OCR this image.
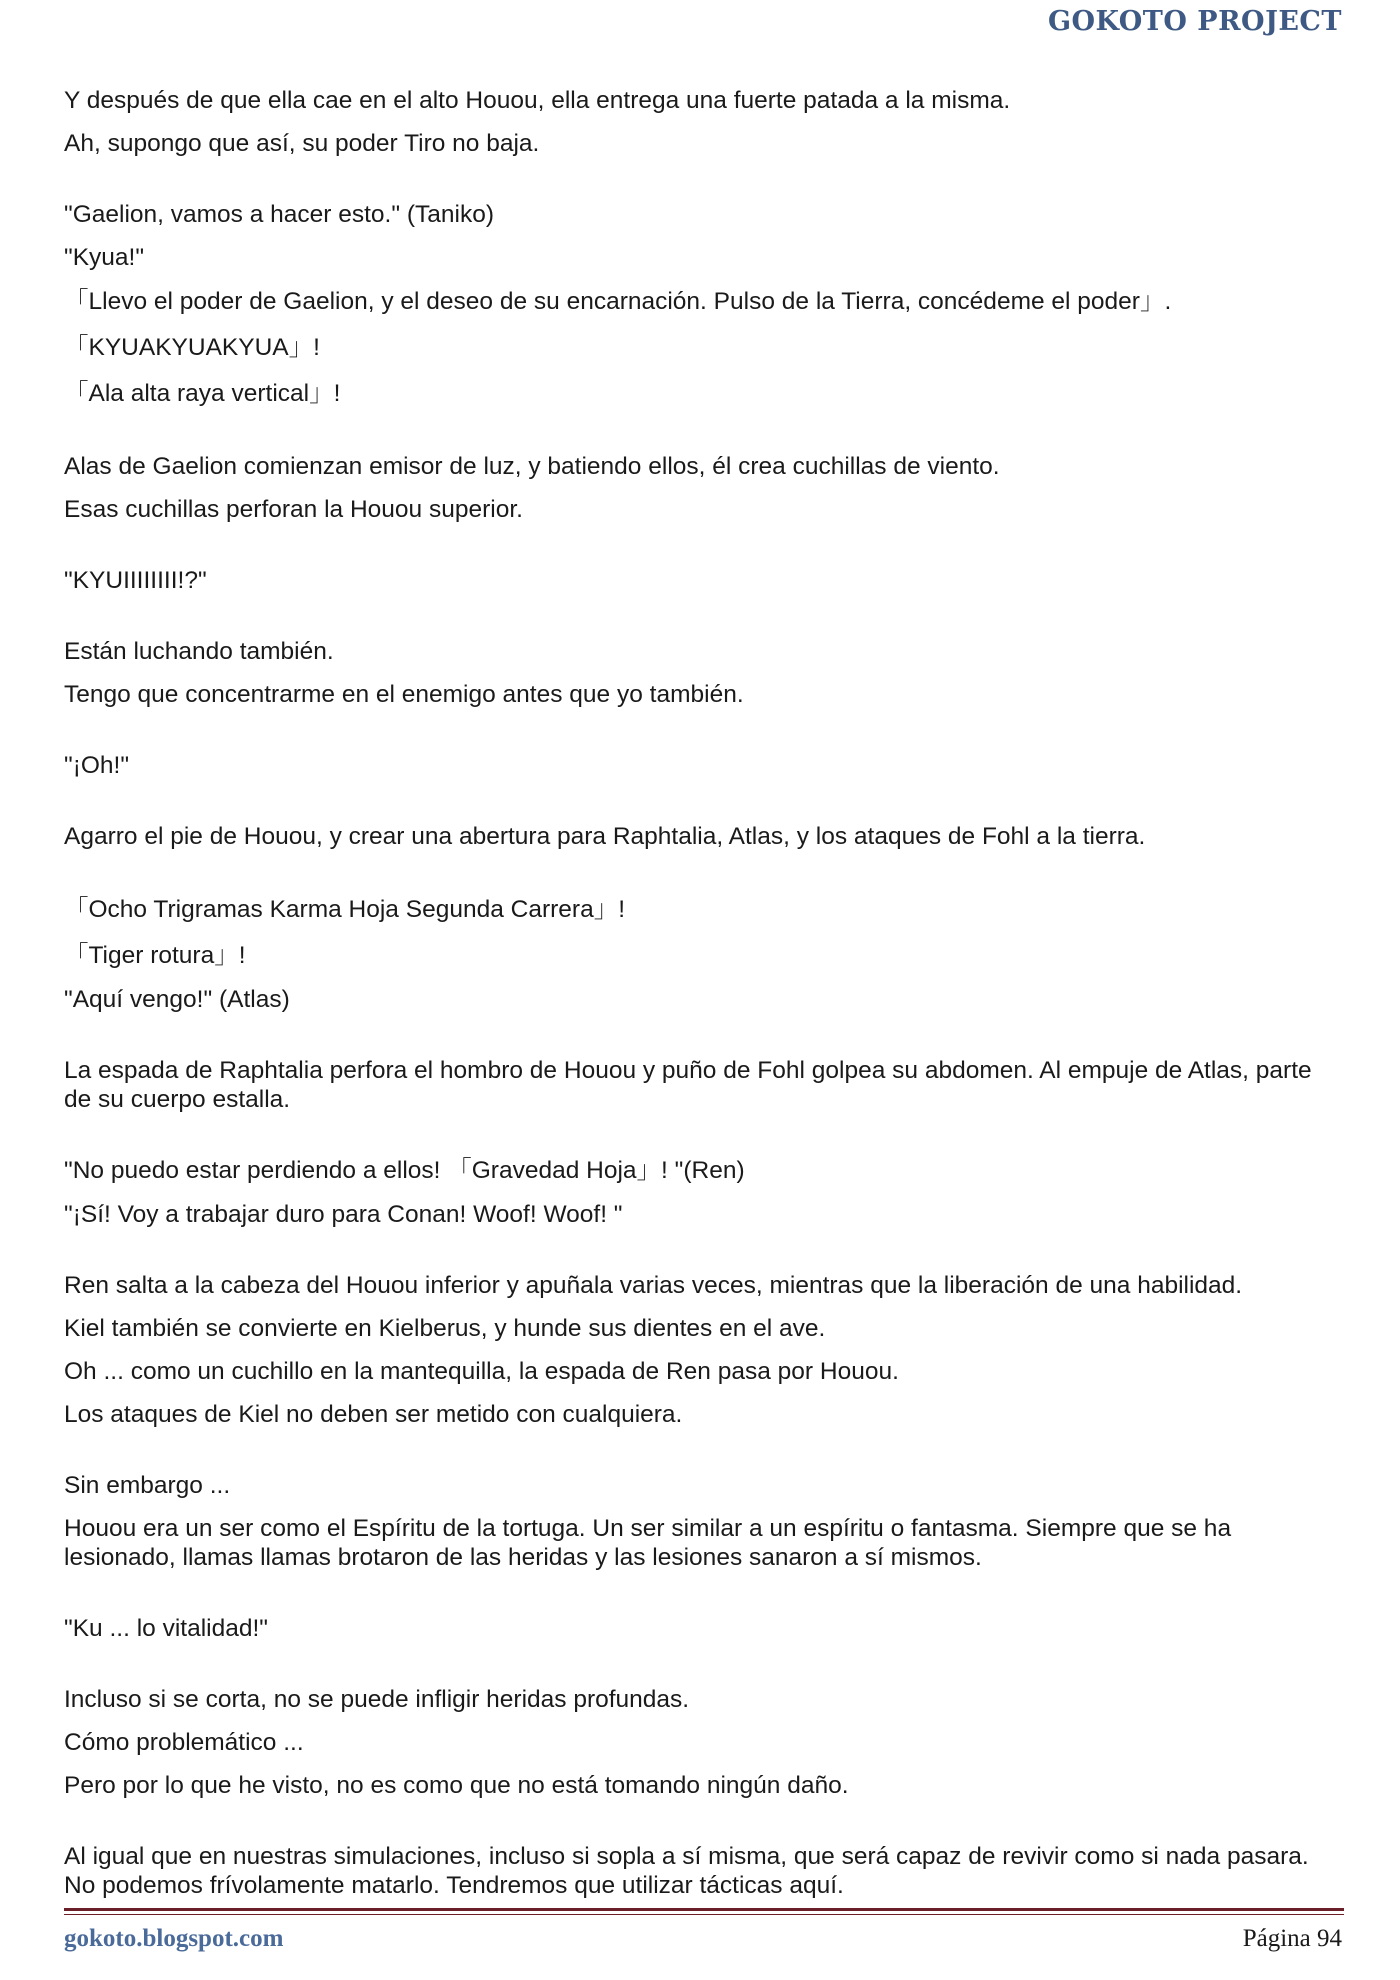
GOKOTO PROJECT

Y después de que ella cae en el alto Houou, ella entrega una fuerte patada a la misma.

Ah, supongo que así, su poder Tiro no baja.

"Gaelion, vamos a hacer esto." (Taniko)

"Kyua!"

「Llevo el poder de Gaelion, y el deseo de su encarnación. Pulso de la Tierra, concédeme el poder」.

「KYUAKYUAKYUA」!

「Ala alta raya vertical」!

Alas de Gaelion comienzan emisor de luz, y batiendo ellos, él crea cuchillas de viento.

Esas cuchillas perforan la Houou superior.

"KYUIIIIIIII!?"

Están luchando también.

Tengo que concentrarme en el enemigo antes que yo también.

"¡Oh!"

Agarro el pie de Houou, y crear una abertura para Raphtalia, Atlas, y los ataques de Fohl a la tierra.

「Ocho Trigramas Karma Hoja Segunda Carrera」!

「Tiger rotura」!

"Aquí vengo!" (Atlas)

La espada de Raphtalia perfora el hombro de Houou y puño de Fohl golpea su abdomen. Al empuje de Atlas, parte de su cuerpo estalla.

"No puedo estar perdiendo a ellos! 「Gravedad Hoja」! "(Ren)

"¡Sí! Voy a trabajar duro para Conan! Woof! Woof! "

Ren salta a la cabeza del Houou inferior y apuñala varias veces, mientras que la liberación de una habilidad.

Kiel también se convierte en Kielberus, y hunde sus dientes en el ave.

Oh ... como un cuchillo en la mantequilla, la espada de Ren pasa por Houou.

Los ataques de Kiel no deben ser metido con cualquiera.

Sin embargo ...

Houou era un ser como el Espíritu de la tortuga. Un ser similar a un espíritu o fantasma. Siempre que se ha lesionado, llamas llamas brotaron de las heridas y las lesiones sanaron a sí mismos.

"Ku ... lo vitalidad!"

Incluso si se corta, no se puede infligir heridas profundas.

Cómo problemático ...

Pero por lo que he visto, no es como que no está tomando ningún daño.

Al igual que en nuestras simulaciones, incluso si sopla a sí misma, que será capaz de revivir como si nada pasara. No podemos frívolamente matarlo. Tendremos que utilizar tácticas aquí.

gokoto.blogspot.com	Página 94
